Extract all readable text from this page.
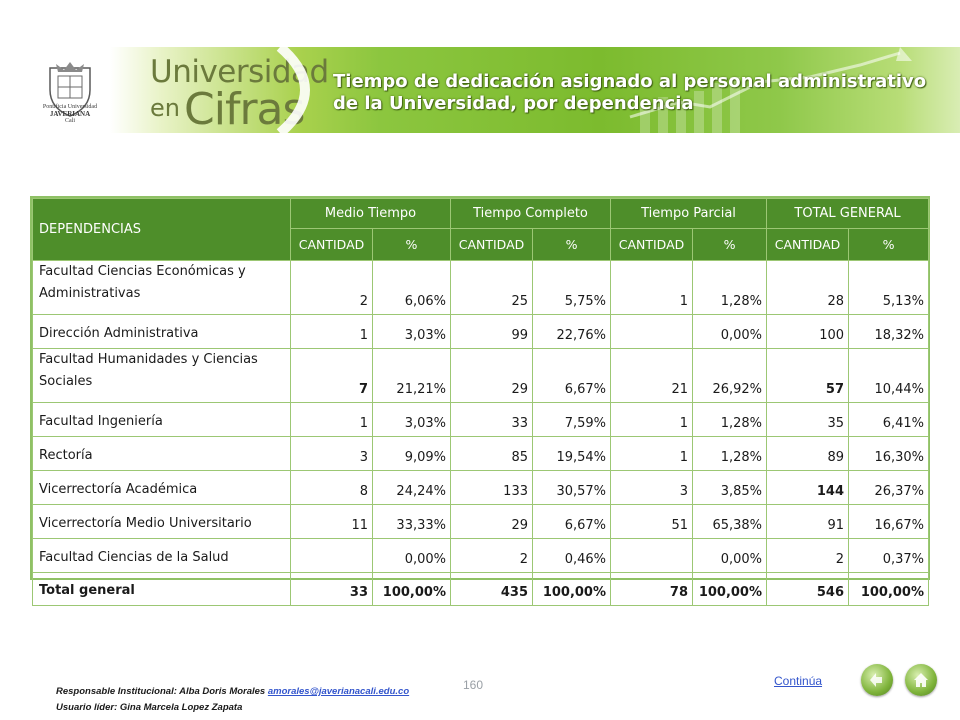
Pontificia Universidad
JAVERIANA
Cali
Universidad
en Cifras
Tiempo de dedicación asignado al personal administrativo
de la Universidad, por dependencia
DEPENDENCIAS	Medio Tiempo		Tiempo Completo		Tiempo Parcial		TOTAL GENERAL	
	CANTIDAD	%	CANTIDAD	%	CANTIDAD	%	CANTIDAD	%
Facultad Ciencias Económicas y Administrativas	2	6,06%	25	5,75%	1	1,28%	28	5,13%
Dirección Administrativa	1	3,03%	99	22,76%		0,00%	100	18,32%
Facultad Humanidades y Ciencias Sociales	7	21,21%	29	6,67%	21	26,92%	57	10,44%
Facultad Ingeniería	1	3,03%	33	7,59%	1	1,28%	35	6,41%
Rectoría	3	9,09%	85	19,54%	1	1,28%	89	16,30%
Vicerrectoría Académica	8	24,24%	133	30,57%	3	3,85%	144	26,37%
Vicerrectoría Medio Universitario	11	33,33%	29	6,67%	51	65,38%	91	16,67%
Facultad Ciencias de la Salud		0,00%	2	0,46%		0,00%	2	0,37%
Total general	33	100,00%	435	100,00%	78	100,00%	546	100,00%
Responsable Institucional: Alba Doris Morales amorales@javerianacali.edu.co
Usuario líder: Gina Marcela Lopez Zapata
160	Continúa
